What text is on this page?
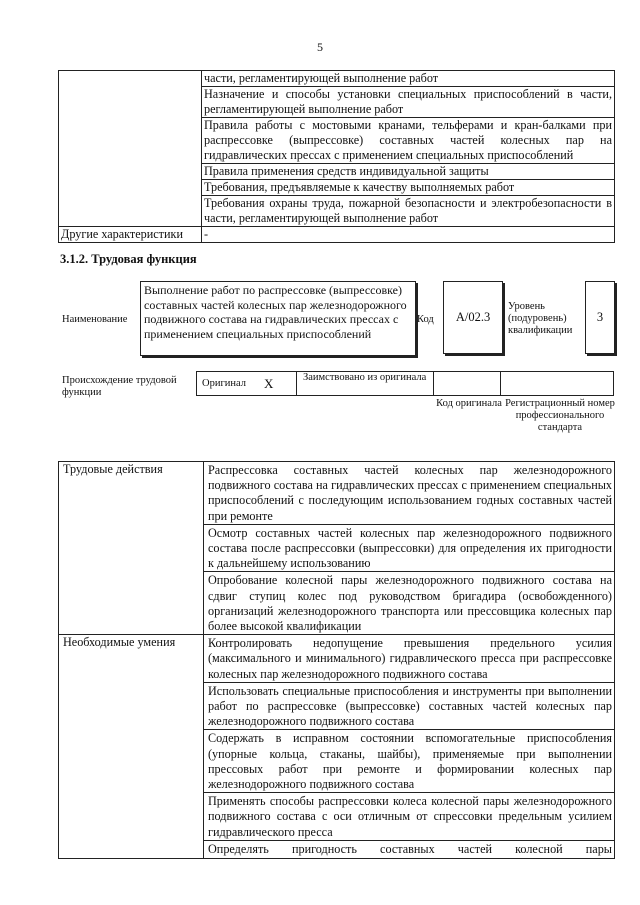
5
	части, регламентирующей выполнение работ
	Назначение и способы установки специальных приспособлений в части, регламентирующей выполнение работ
	Правила работы с мостовыми кранами, тельферами и кран-балками при распрессовке (выпрессовке) составных частей колесных пар на гидравлических прессах с применением специальных приспособлений
	Правила применения средств индивидуальной защиты
	Требования, предъявляемые к качеству выполняемых работ
	Требования охраны труда, пожарной безопасности и электробезопасности в части, регламентирующей выполнение работ
Другие характеристики	-
3.1.2. Трудовая функция
Наименование
Выполнение работ по распрессовке (выпрессовке) составных частей колесных пар железнодорожного подвижного состава на гидравлических прессах с применением специальных приспособлений
Код	А/02.3
Уровень (подуровень) квалификации
3
Происхождение трудовой функции
Оригинал	X	Заимствовано из оригинала		
Код оригинала Регистрационный номер профессионального стандарта
Трудовые действия	Распрессовка составных частей колесных пар железнодорожного подвижного состава на гидравлических прессах с применением специальных приспособлений с последующим использованием годных составных частей при ремонте
	Осмотр составных частей колесных пар железнодорожного подвижного состава после распрессовки (выпрессовки) для определения их пригодности к дальнейшему использованию
	Опробование колесной пары железнодорожного подвижного состава на сдвиг ступиц колес под руководством бригадира (освобожденного) организаций железнодорожного транспорта или прессовщика колесных пар более высокой квалификации
Необходимые умения	Контролировать недопущение превышения предельного усилия (максимального и минимального) гидравлического пресса при распрессовке колесных пар железнодорожного подвижного состава
	Использовать специальные приспособления и инструменты при выполнении работ по распрессовке (выпрессовке) составных частей колесных пар железнодорожного подвижного состава
	Содержать в исправном состоянии вспомогательные приспособления (упорные кольца, стаканы, шайбы), применяемые при выполнении прессовых работ при ремонте и формировании колесных пар железнодорожного подвижного состава
	Применять способы распрессовки колеса колесной пары железнодорожного подвижного состава с оси отличным от спрессовки предельным усилием гидравлического пресса
	Определять пригодность составных частей колесной пары
